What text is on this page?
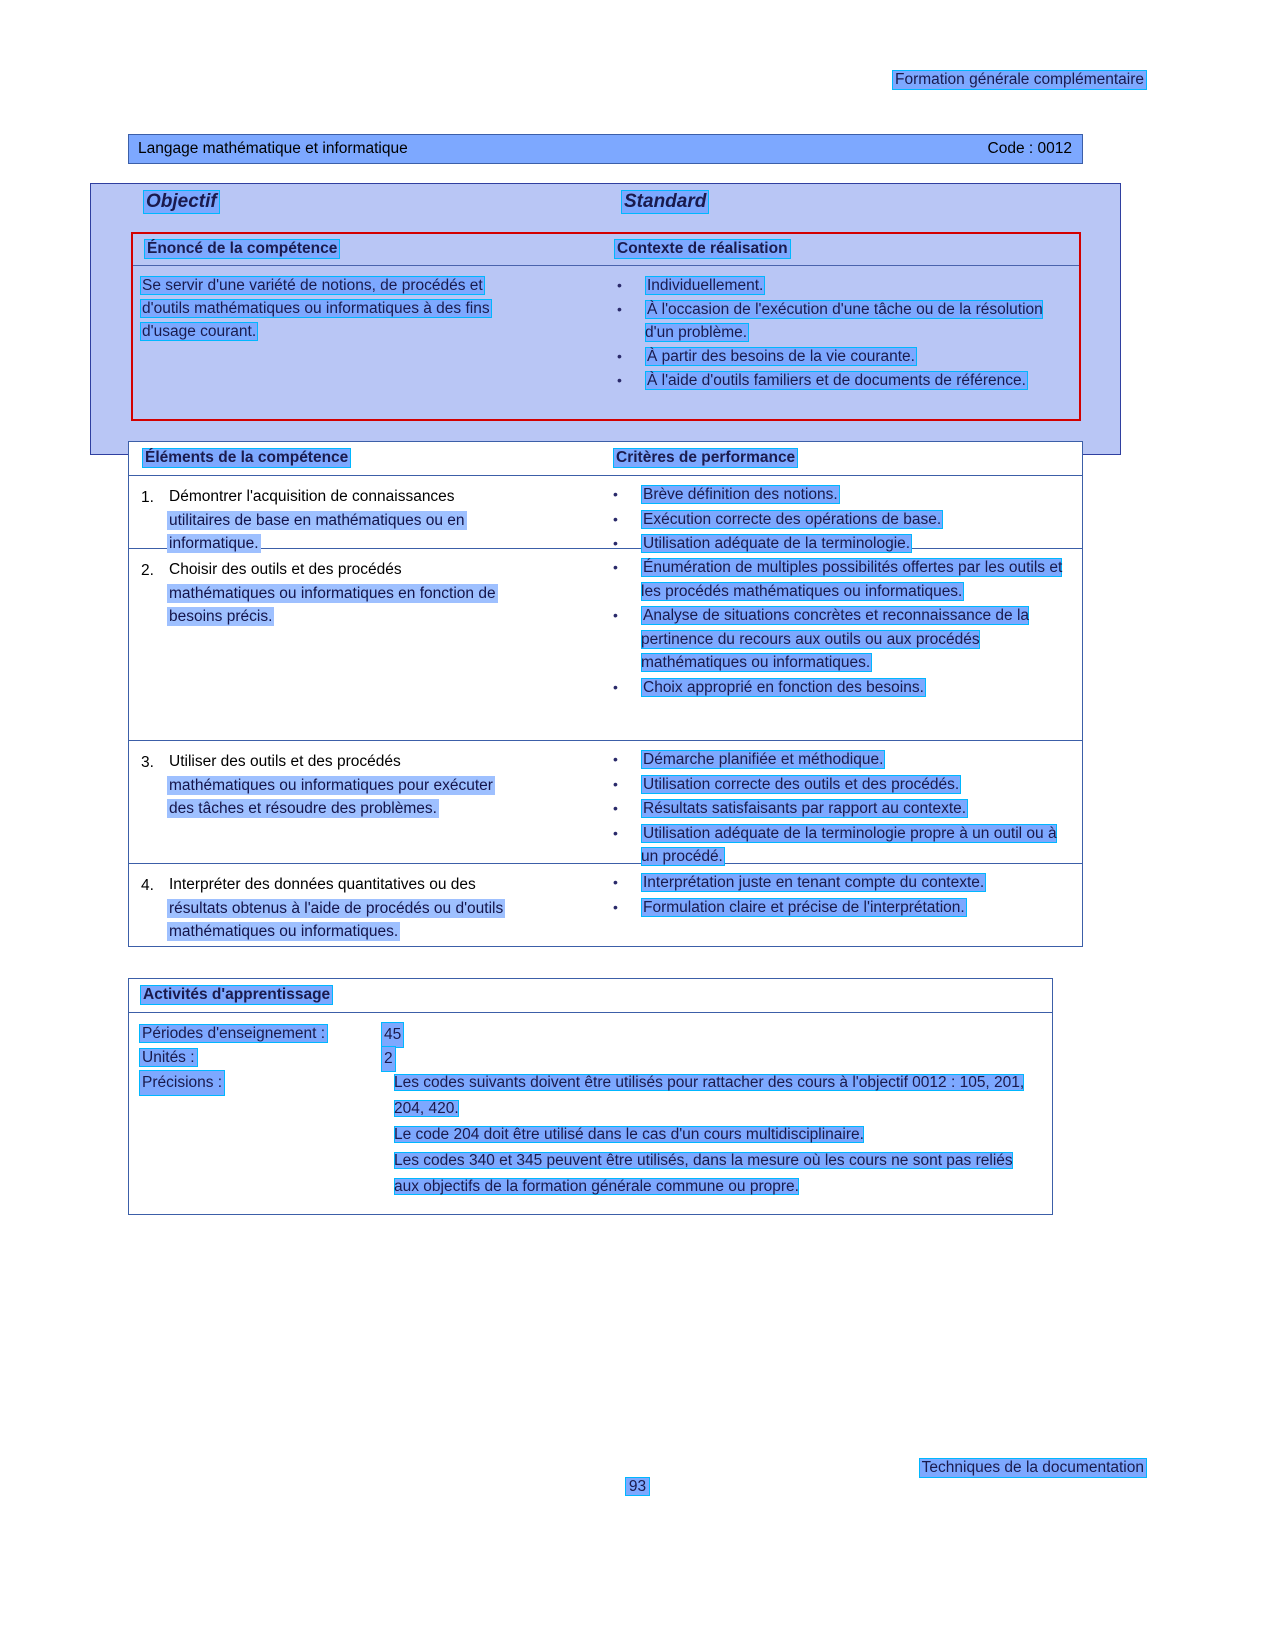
Formation générale complémentaire
Langage mathématique et informatique	Code : 0012
Objectif	Standard
Énoncé de la compétence	Contexte de réalisation
Se servir d'une variété de notions, de procédés et
d'outils mathématiques ou informatiques à des fins
d'usage courant.
• Individuellement.
• À l'occasion de l'exécution d'une tâche ou de la résolution d'un problème.
• À partir des besoins de la vie courante.
• À l'aide d'outils familiers et de documents de référence.
Éléments de la compétence	Critères de performance
1. Démontrer l'acquisition de connaissances
utilitaires de base en mathématiques ou en
informatique.
• Brève définition des notions.
• Exécution correcte des opérations de base.
• Utilisation adéquate de la terminologie.
2. Choisir des outils et des procédés
mathématiques ou informatiques en fonction de
besoins précis.
• Énumération de multiples possibilités offertes par les outils et les procédés mathématiques ou informatiques.
• Analyse de situations concrètes et reconnaissance de la pertinence du recours aux outils ou aux procédés mathématiques ou informatiques.
• Choix approprié en fonction des besoins.
3. Utiliser des outils et des procédés
mathématiques ou informatiques pour exécuter
des tâches et résoudre des problèmes.
• Démarche planifiée et méthodique.
• Utilisation correcte des outils et des procédés.
• Résultats satisfaisants par rapport au contexte.
• Utilisation adéquate de la terminologie propre à un outil ou à un procédé.
4. Interpréter des données quantitatives ou des
résultats obtenus à l'aide de procédés ou d'outils
mathématiques ou informatiques.
• Interprétation juste en tenant compte du contexte.
• Formulation claire et précise de l'interprétation.
Activités d'apprentissage
Périodes d'enseignement :	45
Unités :	2
Précisions :	Les codes suivants doivent être utilisés pour rattacher des cours à l'objectif 0012 : 105, 201,
204, 420.
Le code 204 doit être utilisé dans le cas d'un cours multidisciplinaire.
Les codes 340 et 345 peuvent être utilisés, dans la mesure où les cours ne sont pas reliés
aux objectifs de la formation générale commune ou propre.
Techniques de la documentation
93
